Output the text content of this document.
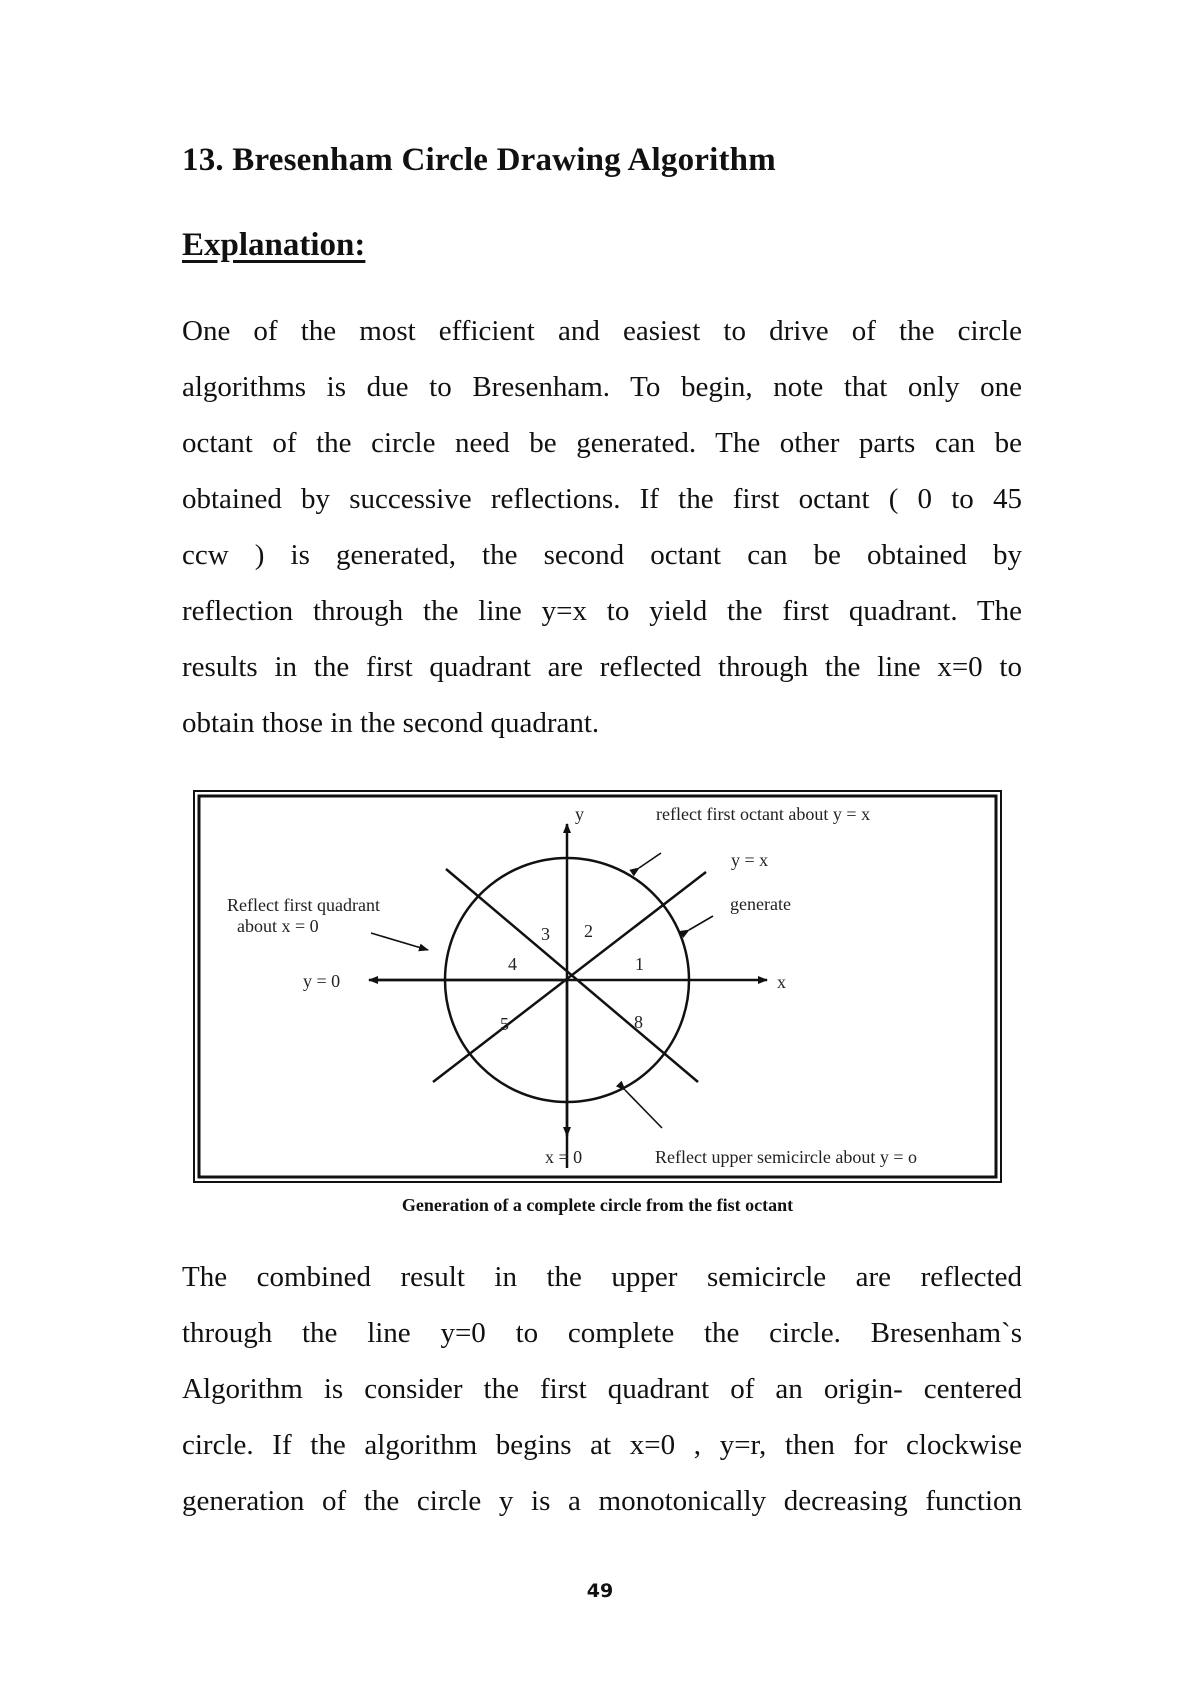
13. Bresenham Circle Drawing Algorithm
Explanation:

One of the most efficient and easiest to drive of the circle
algorithms is due to Bresenham. To begin, note that only one
octant of the circle need be generated. The other parts can be
obtained by successive reflections. If the first octant ( 0 to 45
ccw ) is generated, the second octant can be obtained by
reflection through the line y=x to yield the first quadrant. The
results in the first quadrant are reflected through the line x=0 to
obtain those in the second quadrant.

y
x
reflect first octant about y = x
y = x
generate
Reflect first quadrant
about x = 0
y = 0
x = 0	Reflect upper semicircle about y = o
1
2
3
4
5	8

Generation of a complete circle from the fist octant

The combined result in the upper semicircle are reflected
through the line y=0 to complete the circle. Bresenham`s
Algorithm is consider the first quadrant of an origin- centered
circle. If the algorithm begins at x=0 , y=r, then for clockwise
generation of the circle y is a monotonically decreasing function

49
